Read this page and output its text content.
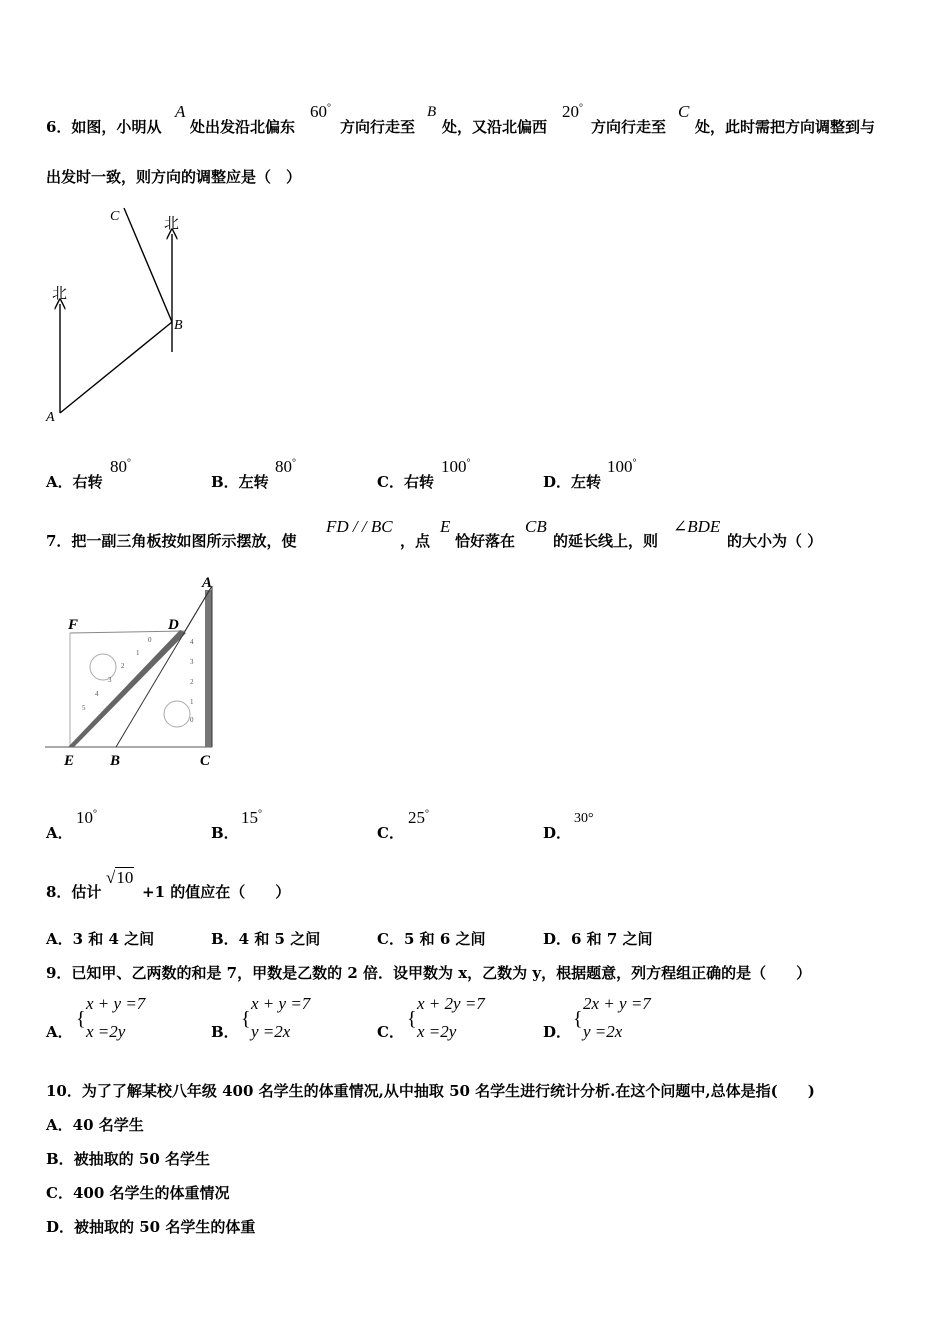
6．如图，小明从
A
处出发沿北偏东
60°
方向行走至
B
处，又沿北偏西
20°
方向行走至
C
处，此时需把方向调整到与
出发时一致，则方向的调整应是（　）
北
北
A
B
C
A．右转
80°
B．左转
80°
C．右转
100°
D．左转
100°
7．把一副三角板按如图所示摆放，使
FD / / BC
，点
E
恰好落在
CB
的延长线上，则
∠BDE
的大小为（ ）
0
1
2
3
4
5
4
3
2
1
0
A
F	D
E B	C
A．
10°
B．
15°
C．
25°
D．
30°
8．估计
√10
+1 的值应在（　　）
A．3 和 4 之间	B．4 和 5 之间	C．5 和 6 之间	D．6 和 7 之间
9．已知甲、乙两数的和是 7，甲数是乙数的 2 倍．设甲数为 x，乙数为 y，根据题意，列方程组正确的是（　　）
A．
{
x + y =7
x =2y	B．
{
x + y =7
y =2x	C．
{
x + 2y =7
x =2y	D．
{
2x + y =7
y =2x
10．为了了解某校八年级 400 名学生的体重情况,从中抽取 50 名学生进行统计分析.在这个问题中,总体是指(　　)
A．40 名学生
B．被抽取的 50 名学生
C．400 名学生的体重情况
D．被抽取的 50 名学生的体重
